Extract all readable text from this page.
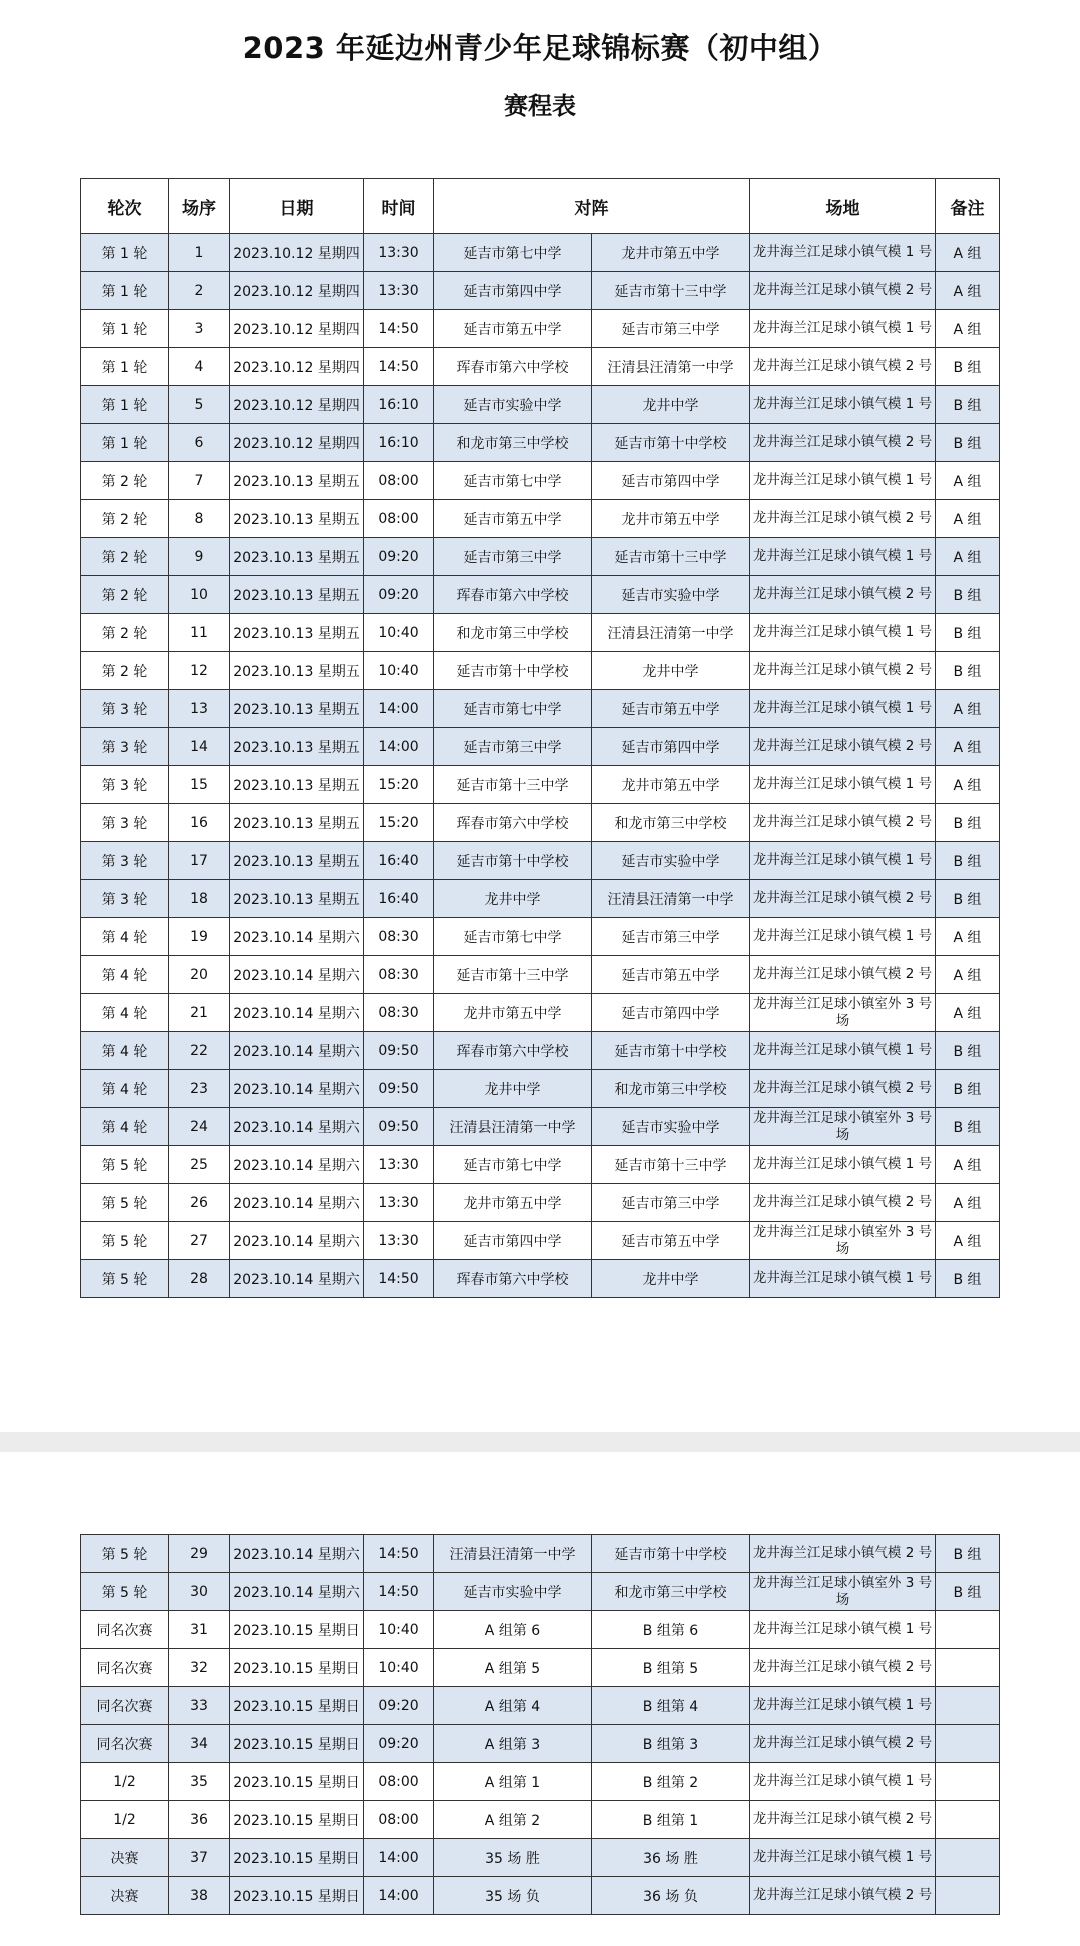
2023 年延边州青少年足球锦标赛（初中组）
赛程表
轮次	场序	日期	时间	对阵		场地	备注
第 1 轮	1	2023.10.12 星期四	13:30	延吉市第七中学	龙井市第五中学	龙井海兰江足球小镇气模 1 号	A 组
第 1 轮	2	2023.10.12 星期四	13:30	延吉市第四中学	延吉市第十三中学	龙井海兰江足球小镇气模 2 号	A 组
第 1 轮	3	2023.10.12 星期四	14:50	延吉市第五中学	延吉市第三中学	龙井海兰江足球小镇气模 1 号	A 组
第 1 轮	4	2023.10.12 星期四	14:50	珲春市第六中学校	汪清县汪清第一中学	龙井海兰江足球小镇气模 2 号	B 组
第 1 轮	5	2023.10.12 星期四	16:10	延吉市实验中学	龙井中学	龙井海兰江足球小镇气模 1 号	B 组
第 1 轮	6	2023.10.12 星期四	16:10	和龙市第三中学校	延吉市第十中学校	龙井海兰江足球小镇气模 2 号	B 组
第 2 轮	7	2023.10.13 星期五	08:00	延吉市第七中学	延吉市第四中学	龙井海兰江足球小镇气模 1 号	A 组
第 2 轮	8	2023.10.13 星期五	08:00	延吉市第五中学	龙井市第五中学	龙井海兰江足球小镇气模 2 号	A 组
第 2 轮	9	2023.10.13 星期五	09:20	延吉市第三中学	延吉市第十三中学	龙井海兰江足球小镇气模 1 号	A 组
第 2 轮	10	2023.10.13 星期五	09:20	珲春市第六中学校	延吉市实验中学	龙井海兰江足球小镇气模 2 号	B 组
第 2 轮	11	2023.10.13 星期五	10:40	和龙市第三中学校	汪清县汪清第一中学	龙井海兰江足球小镇气模 1 号	B 组
第 2 轮	12	2023.10.13 星期五	10:40	延吉市第十中学校	龙井中学	龙井海兰江足球小镇气模 2 号	B 组
第 3 轮	13	2023.10.13 星期五	14:00	延吉市第七中学	延吉市第五中学	龙井海兰江足球小镇气模 1 号	A 组
第 3 轮	14	2023.10.13 星期五	14:00	延吉市第三中学	延吉市第四中学	龙井海兰江足球小镇气模 2 号	A 组
第 3 轮	15	2023.10.13 星期五	15:20	延吉市第十三中学	龙井市第五中学	龙井海兰江足球小镇气模 1 号	A 组
第 3 轮	16	2023.10.13 星期五	15:20	珲春市第六中学校	和龙市第三中学校	龙井海兰江足球小镇气模 2 号	B 组
第 3 轮	17	2023.10.13 星期五	16:40	延吉市第十中学校	延吉市实验中学	龙井海兰江足球小镇气模 1 号	B 组
第 3 轮	18	2023.10.13 星期五	16:40	龙井中学	汪清县汪清第一中学	龙井海兰江足球小镇气模 2 号	B 组
第 4 轮	19	2023.10.14 星期六	08:30	延吉市第七中学	延吉市第三中学	龙井海兰江足球小镇气模 1 号	A 组
第 4 轮	20	2023.10.14 星期六	08:30	延吉市第十三中学	延吉市第五中学	龙井海兰江足球小镇气模 2 号	A 组
第 4 轮	21	2023.10.14 星期六	08:30	龙井市第五中学	延吉市第四中学	龙井海兰江足球小镇室外 3 号场	A 组
第 4 轮	22	2023.10.14 星期六	09:50	珲春市第六中学校	延吉市第十中学校	龙井海兰江足球小镇气模 1 号	B 组
第 4 轮	23	2023.10.14 星期六	09:50	龙井中学	和龙市第三中学校	龙井海兰江足球小镇气模 2 号	B 组
第 4 轮	24	2023.10.14 星期六	09:50	汪清县汪清第一中学	延吉市实验中学	龙井海兰江足球小镇室外 3 号场	B 组
第 5 轮	25	2023.10.14 星期六	13:30	延吉市第七中学	延吉市第十三中学	龙井海兰江足球小镇气模 1 号	A 组
第 5 轮	26	2023.10.14 星期六	13:30	龙井市第五中学	延吉市第三中学	龙井海兰江足球小镇气模 2 号	A 组
第 5 轮	27	2023.10.14 星期六	13:30	延吉市第四中学	延吉市第五中学	龙井海兰江足球小镇室外 3 号场	A 组
第 5 轮	28	2023.10.14 星期六	14:50	珲春市第六中学校	龙井中学	龙井海兰江足球小镇气模 1 号	B 组
第 5 轮	29	2023.10.14 星期六	14:50	汪清县汪清第一中学	延吉市第十中学校	龙井海兰江足球小镇气模 2 号	B 组
第 5 轮	30	2023.10.14 星期六	14:50	延吉市实验中学	和龙市第三中学校	龙井海兰江足球小镇室外 3 号场	B 组
同名次赛	31	2023.10.15 星期日	10:40	A 组第 6	B 组第 6	龙井海兰江足球小镇气模 1 号	
同名次赛	32	2023.10.15 星期日	10:40	A 组第 5	B 组第 5	龙井海兰江足球小镇气模 2 号	
同名次赛	33	2023.10.15 星期日	09:20	A 组第 4	B 组第 4	龙井海兰江足球小镇气模 1 号	
同名次赛	34	2023.10.15 星期日	09:20	A 组第 3	B 组第 3	龙井海兰江足球小镇气模 2 号	
1/2	35	2023.10.15 星期日	08:00	A 组第 1	B 组第 2	龙井海兰江足球小镇气模 1 号	
1/2	36	2023.10.15 星期日	08:00	A 组第 2	B 组第 1	龙井海兰江足球小镇气模 2 号	
决赛	37	2023.10.15 星期日	14:00	35 场 胜	36 场 胜	龙井海兰江足球小镇气模 1 号	
决赛	38	2023.10.15 星期日	14:00	35 场 负	36 场 负	龙井海兰江足球小镇气模 2 号	
